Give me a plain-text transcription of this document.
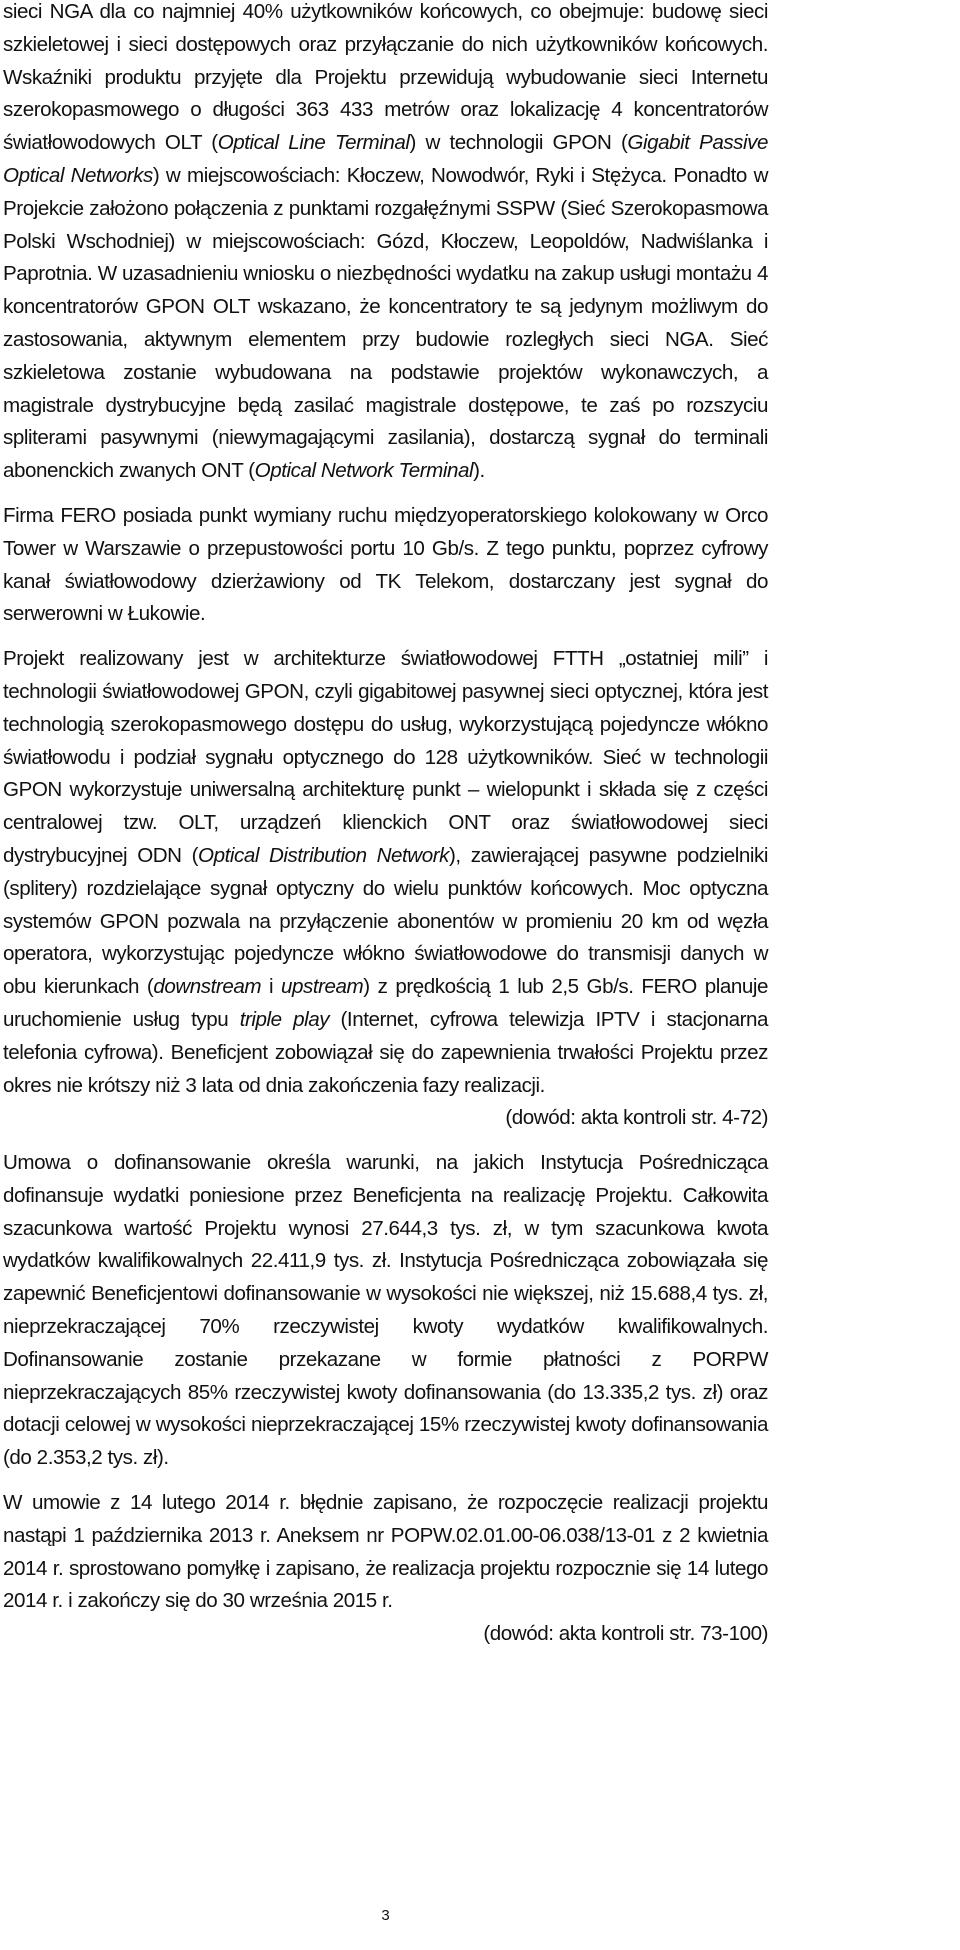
sieci NGA dla co najmniej 40% użytkowników końcowych, co obejmuje: budowę sieci szkieletowej i sieci dostępowych oraz przyłączanie do nich użytkowników końcowych. Wskaźniki produktu przyjęte dla Projektu przewidują wybudowanie sieci Internetu szerokopasmowego o długości 363 433 metrów oraz lokalizację 4 koncentratorów światłowodowych OLT (Optical Line Terminal) w technologii GPON (Gigabit Passive Optical Networks) w miejscowościach: Kłoczew, Nowodwór, Ryki i Stężyca. Ponadto w Projekcie założono połączenia z punktami rozgałęźnymi SSPW (Sieć Szerokopasmowa Polski Wschodniej) w miejscowościach: Gózd, Kłoczew, Leopoldów, Nadwiślanka i Paprotnia. W uzasadnieniu wniosku o niezbędności wydatku na zakup usługi montażu 4 koncentratorów GPON OLT wskazano, że koncentratory te są jedynym możliwym do zastosowania, aktywnym elementem przy budowie rozległych sieci NGA. Sieć szkieletowa zostanie wybudowana na podstawie projektów wykonawczych, a magistrale dystrybucyjne będą zasilać magistrale dostępowe, te zaś po rozszyciu spliterami pasywnymi (niewymagającymi zasilania), dostarczą sygnał do terminali abonenckich zwanych ONT (Optical Network Terminal).

Firma FERO posiada punkt wymiany ruchu międzyoperatorskiego kolokowany w Orco Tower w Warszawie o przepustowości portu 10 Gb/s. Z tego punktu, poprzez cyfrowy kanał światłowodowy dzierżawiony od TK Telekom, dostarczany jest sygnał do serwerowni w Łukowie.

Projekt realizowany jest w architekturze światłowodowej FTTH „ostatniej mili” i technologii światłowodowej GPON, czyli gigabitowej pasywnej sieci optycznej, która jest technologią szerokopasmowego dostępu do usług, wykorzystującą pojedyncze włókno światłowodu i podział sygnału optycznego do 128 użytkowników. Sieć w technologii GPON wykorzystuje uniwersalną architekturę punkt – wielopunkt i składa się z części centralowej tzw. OLT, urządzeń klienckich ONT oraz światłowodowej sieci dystrybucyjnej ODN (Optical Distribution Network), zawierającej pasywne podzielniki (splitery) rozdzielające sygnał optyczny do wielu punktów końcowych. Moc optyczna systemów GPON pozwala na przyłączenie abonentów w promieniu 20 km od węzła operatora, wykorzystując pojedyncze włókno światłowodowe do transmisji danych w obu kierunkach (downstream i upstream) z prędkością 1 lub 2,5 Gb/s. FERO planuje uruchomienie usług typu triple play (Internet, cyfrowa telewizja IPTV i stacjonarna telefonia cyfrowa). Beneficjent zobowiązał się do zapewnienia trwałości Projektu przez okres nie krótszy niż 3 lata od dnia zakończenia fazy realizacji.

(dowód: akta kontroli str. 4-72)

Umowa o dofinansowanie określa warunki, na jakich Instytucja Pośrednicząca dofinansuje wydatki poniesione przez Beneficjenta na realizację Projektu. Całkowita szacunkowa wartość Projektu wynosi 27.644,3 tys. zł, w tym szacunkowa kwota wydatków kwalifikowalnych 22.411,9 tys. zł. Instytucja Pośrednicząca zobowiązała się zapewnić Beneficjentowi dofinansowanie w wysokości nie większej, niż 15.688,4 tys. zł, nieprzekraczającej 70% rzeczywistej kwoty wydatków kwalifikowalnych. Dofinansowanie zostanie przekazane w formie płatności z PORPW nieprzekraczających 85% rzeczywistej kwoty dofinansowania (do 13.335,2 tys. zł) oraz dotacji celowej w wysokości nieprzekraczającej 15% rzeczywistej kwoty dofinansowania (do 2.353,2 tys. zł).

W umowie z 14 lutego 2014 r. błędnie zapisano, że rozpoczęcie realizacji projektu nastąpi 1 października 2013 r. Aneksem nr POPW.02.01.00-06.038/13-01 z 2 kwietnia 2014 r. sprostowano pomyłkę i zapisano, że realizacja projektu rozpocznie się 14 lutego 2014 r. i zakończy się do 30 września 2015 r.

(dowód: akta kontroli str. 73-100)

3
